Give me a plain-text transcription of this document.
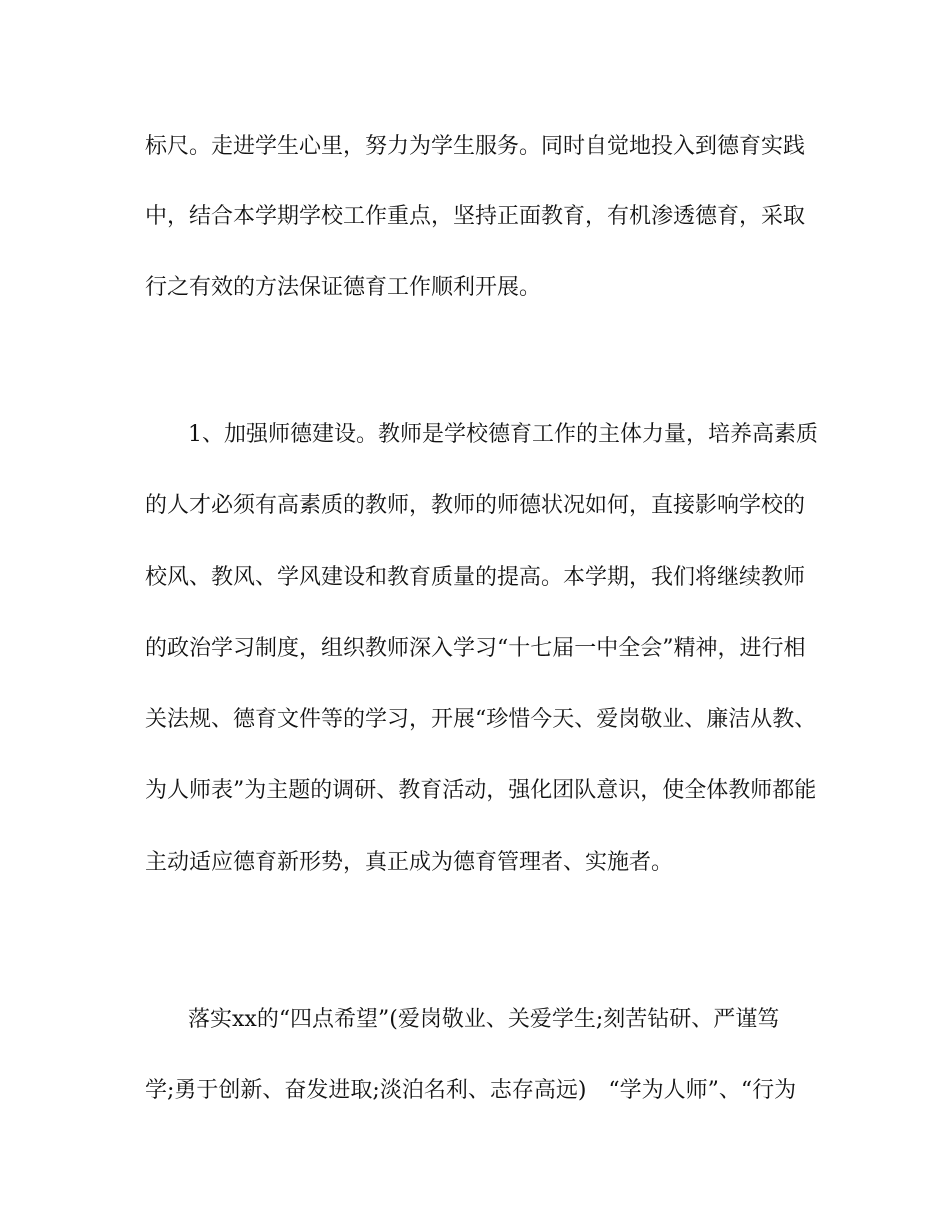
标尺。走进学生心里，努力为学生服务。同时自觉地投入到德育实践
中，结合本学期学校工作重点，坚持正面教育，有机渗透德育，采取
行之有效的方法保证德育工作顺利开展。
1、加强师德建设。教师是学校德育工作的主体力量，培养高素质
的人才必须有高素质的教师，教师的师德状况如何，直接影响学校的
校风、教风、学风建设和教育质量的提高。本学期，我们将继续教师
的政治学习制度，组织教师深入学习“十七届一中全会”精神，进行相
关法规、德育文件等的学习，开展“珍惜今天、爱岗敬业、廉洁从教、
为人师表”为主题的调研、教育活动，强化团队意识，使全体教师都能
主动适应德育新形势，真正成为德育管理者、实施者。
落实xx的“四点希望”(爱岗敬业、关爱学生;刻苦钻研、严谨笃
学;勇于创新、奋发进取;淡泊名利、志存高远)　“学为人师”、“行为
